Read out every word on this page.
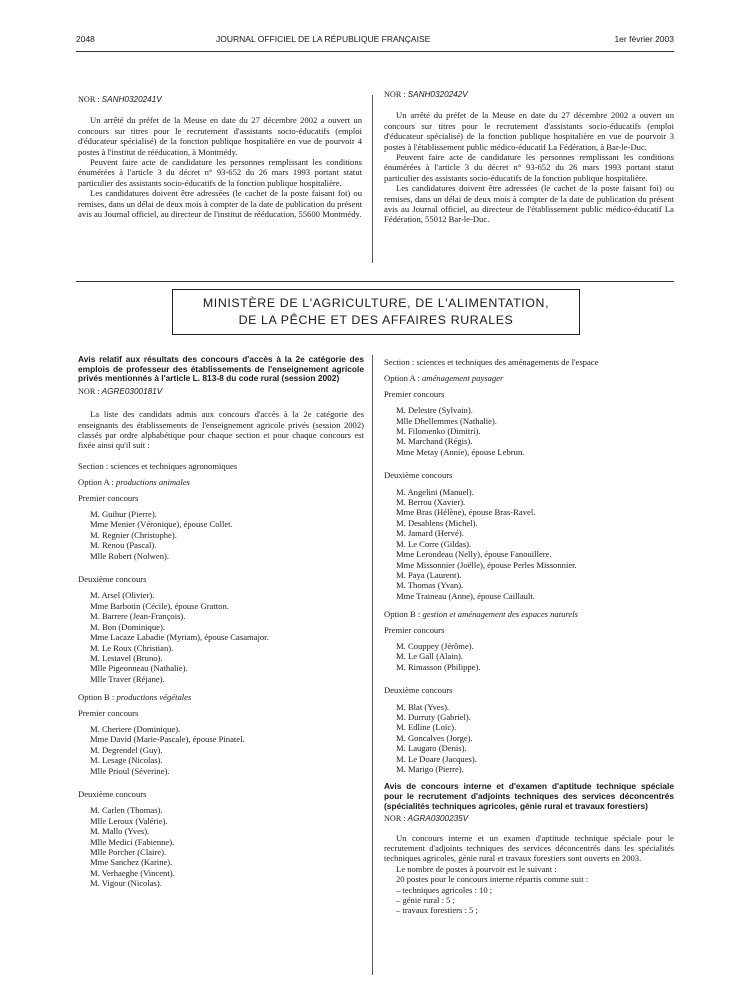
2048	JOURNAL OFFICIEL DE LA RÉPUBLIQUE FRANÇAISE	1er février 2003

NOR : SANH0320241V

Un arrêté du préfet de la Meuse en date du 27 décembre 2002 a ouvert un concours sur titres pour le recrutement d'assistants socio-éducatifs (emploi d'éducateur spécialisé) de la fonction publique hospitalière en vue de pourvoir 4 postes à l'institut de rééducation, à Montmédy.

Peuvent faire acte de candidature les personnes remplissant les conditions énumérées à l'article 3 du décret n° 93-652 du 26 mars 1993 portant statut particulier des assistants socio-éducatifs de la fonction publique hospitalière.

Les candidatures doivent être adressées (le cachet de la poste faisant foi) ou remises, dans un délai de deux mois à compter de la date de publication du présent avis au Journal officiel, au directeur de l'institut de rééducation, 55600 Montmédy.

NOR : SANH0320242V

Un arrêté du préfet de la Meuse en date du 27 décembre 2002 a ouvert un concours sur titres pour le recrutement d'assistants socio-éducatifs (emploi d'éducateur spécialisé) de la fonction publique hospitalière en vue de pourvoir 3 postes à l'établissement public médico-éducatif La Fédération, à Bar-le-Duc.

Peuvent faire acte de candidature les personnes remplissant les conditions énumérées à l'article 3 du décret n° 93-652 du 26 mars 1993 portant statut particulier des assistants socio-éducatifs de la fonction publique hospitalière.

Les candidatures doivent être adressées (le cachet de la poste faisant foi) ou remises, dans un délai de deux mois à compter de la date de publication du présent avis au Journal officiel, au directeur de l'établissement public médico-éducatif La Fédération, 55012 Bar-le-Duc.

MINISTÈRE DE L'AGRICULTURE, DE L'ALIMENTATION,
DE LA PÊCHE ET DES AFFAIRES RURALES

Avis relatif aux résultats des concours d'accès à la 2e catégorie des emplois de professeur des établissements de l'enseignement agricole privés mentionnés à l'article L. 813-8 du code rural (session 2002)

NOR : AGRE0300181V

La liste des candidats admis aux concours d'accès à la 2e catégorie des enseignants des établissements de l'enseignement agricole privés (session 2002) classés par ordre alphabétique pour chaque section et pour chaque concours est fixée ainsi qu'il suit :

Section : sciences et techniques agronomiques

Option A : productions animales

Premier concours

M. Guihur (Pierre).
Mme Menier (Véronique), épouse Collet.
M. Regnier (Christophe).
M. Renou (Pascal).
Mlle Robert (Nolwen).

Deuxième concours

M. Arsel (Olivier).
Mme Barbotin (Cécile), épouse Gratton.
M. Barrere (Jean-François).
M. Bon (Dominique).
Mme Lacaze Labadie (Myriam), épouse Casamajor.
M. Le Roux (Christian).
M. Lestavel (Bruno).
Mlle Pigeonneau (Nathalie).
Mlle Traver (Réjane).

Option B : productions végétales

Premier concours

M. Cheriere (Dominique).
Mme David (Marie-Pascale), épouse Pinatel.
M. Degrendel (Guy).
M. Lesage (Nicolas).
Mlle Prioul (Séverine).

Deuxième concours

M. Carlen (Thomas).
Mlle Leroux (Valérie).
M. Mallo (Yves).
Mlle Medici (Fabienne).
Mlle Porcher (Claire).
Mme Sanchez (Karine).
M. Verhaeghe (Vincent).
M. Vigour (Nicolas).

Section : sciences et techniques des aménagements de l'espace

Option A : aménagement paysager

Premier concours

M. Delestre (Sylvain).
Mlle Dhellemmes (Nathalie).
M. Filomenko (Dimitri).
M. Marchand (Régis).
Mme Metay (Annie), épouse Lebrun.

Deuxième concours

M. Angelini (Manuel).
M. Berrou (Xavier).
Mme Bras (Hélène), épouse Bras-Ravel.
M. Desablens (Michel).
M. Jamard (Hervé).
M. Le Corre (Gildas).
Mme Lerondeau (Nelly), épouse Fanouillere.
Mme Missonnier (Joëlle), épouse Perles Missonnier.
M. Paya (Laurent).
M. Thomas (Yvan).
Mme Traineau (Anne), épouse Caillault.

Option B : gestion et aménagement des espaces naturels

Premier concours

M. Couppey (Jérôme).
M. Le Gall (Alain).
M. Rimasson (Philippe).

Deuxième concours

M. Blat (Yves).
M. Durruty (Gabriel).
M. Edline (Loïc).
M. Goncalves (Jorge).
M. Laugaro (Denis).
M. Le Doare (Jacques).
M. Marigo (Pierre).

Avis de concours interne et d'examen d'aptitude technique spéciale pour le recrutement d'adjoints techniques des services déconcentrés (spécialités techniques agricoles, génie rural et travaux forestiers)

NOR : AGRA0300235V

Un concours interne et un examen d'aptitude technique spéciale pour le recrutement d'adjoints techniques des services déconcentrés dans les spécialités techniques agricoles, génie rural et travaux forestiers sont ouverts en 2003.

Le nombre de postes à pourvoir est le suivant :

20 postes pour le concours interne répartis comme suit :

– techniques agricoles : 10 ;
– génie rural : 5 ;
– travaux forestiers : 5 ;
